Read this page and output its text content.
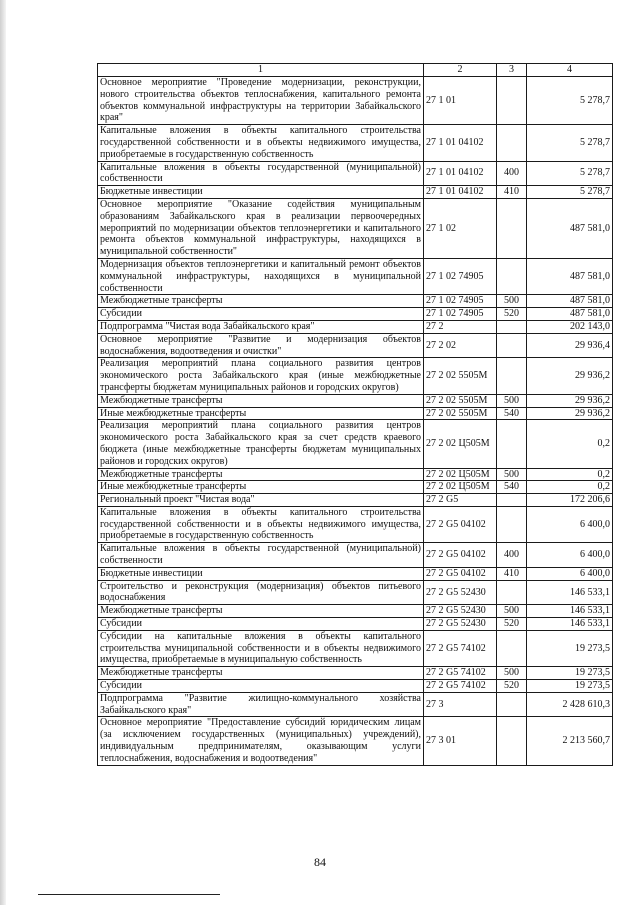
1	2	3	4
Основное мероприятие "Проведение модернизации, реконструкции, нового строительства объектов теплоснабжения, капитального ремонта объектов коммунальной инфраструктуры на территории Забайкальского края"	27 1 01		5 278,7
Капитальные вложения в объекты капитального строительства государственной собственности и в объекты недвижимого имущества, приобретаемые в государственную собственность	27 1 01 04102		5 278,7
Капитальные вложения в объекты государственной (муниципальной) собственности	27 1 01 04102	400	5 278,7
Бюджетные инвестиции	27 1 01 04102	410	5 278,7
Основное мероприятие "Оказание содействия муниципальным образованиям Забайкальского края в реализации первоочередных мероприятий по модернизации объектов теплоэнергетики и капитального ремонта объектов коммунальной инфраструктуры, находящихся в муниципальной собственности"	27 1 02		487 581,0
Модернизация объектов теплоэнергетики и капитальный ремонт объектов коммунальной инфраструктуры, находящихся в муниципальной собственности	27 1 02 74905		487 581,0
Межбюджетные трансферты	27 1 02 74905	500	487 581,0
Субсидии	27 1 02 74905	520	487 581,0
Подпрограмма "Чистая вода Забайкальского края"	27 2		202 143,0
Основное мероприятие "Развитие и модернизация объектов водоснабжения, водоотведения и очистки"	27 2 02		29 936,4
Реализация мероприятий плана социального развития центров экономического роста Забайкальского края (иные межбюджетные трансферты бюджетам муниципальных районов и городских округов)	27 2 02 5505М		29 936,2
Межбюджетные трансферты	27 2 02 5505М	500	29 936,2
Иные межбюджетные трансферты	27 2 02 5505М	540	29 936,2
Реализация мероприятий плана социального развития центров экономического роста Забайкальского края за счет средств краевого бюджета (иные межбюджетные трансферты бюджетам муниципальных районов и городских округов)	27 2 02 Ц505М		0,2
Межбюджетные трансферты	27 2 02 Ц505М	500	0,2
Иные межбюджетные трансферты	27 2 02 Ц505М	540	0,2
Региональный проект "Чистая вода"	27 2 G5		172 206,6
Капитальные вложения в объекты капитального строительства государственной собственности и в объекты недвижимого имущества, приобретаемые в государственную собственность	27 2 G5 04102		6 400,0
Капитальные вложения в объекты государственной (муниципальной) собственности	27 2 G5 04102	400	6 400,0
Бюджетные инвестиции	27 2 G5 04102	410	6 400,0
Строительство и реконструкция (модернизация) объектов питьевого водоснабжения	27 2 G5 52430		146 533,1
Межбюджетные трансферты	27 2 G5 52430	500	146 533,1
Субсидии	27 2 G5 52430	520	146 533,1
Субсидии на капитальные вложения в объекты капитального строительства муниципальной собственности и в объекты недвижимого имущества, приобретаемые в муниципальную собственность	27 2 G5 74102		19 273,5
Межбюджетные трансферты	27 2 G5 74102	500	19 273,5
Субсидии	27 2 G5 74102	520	19 273,5
Подпрограмма "Развитие жилищно-коммунального хозяйства Забайкальского края"	27 3		2 428 610,3
Основное мероприятие "Предоставление субсидий юридическим лицам (за исключением государственных (муниципальных) учреждений), индивидуальным предпринимателям, оказывающим услуги теплоснабжения, водоснабжения и водоотведения"	27 3 01		2 213 560,7
84
